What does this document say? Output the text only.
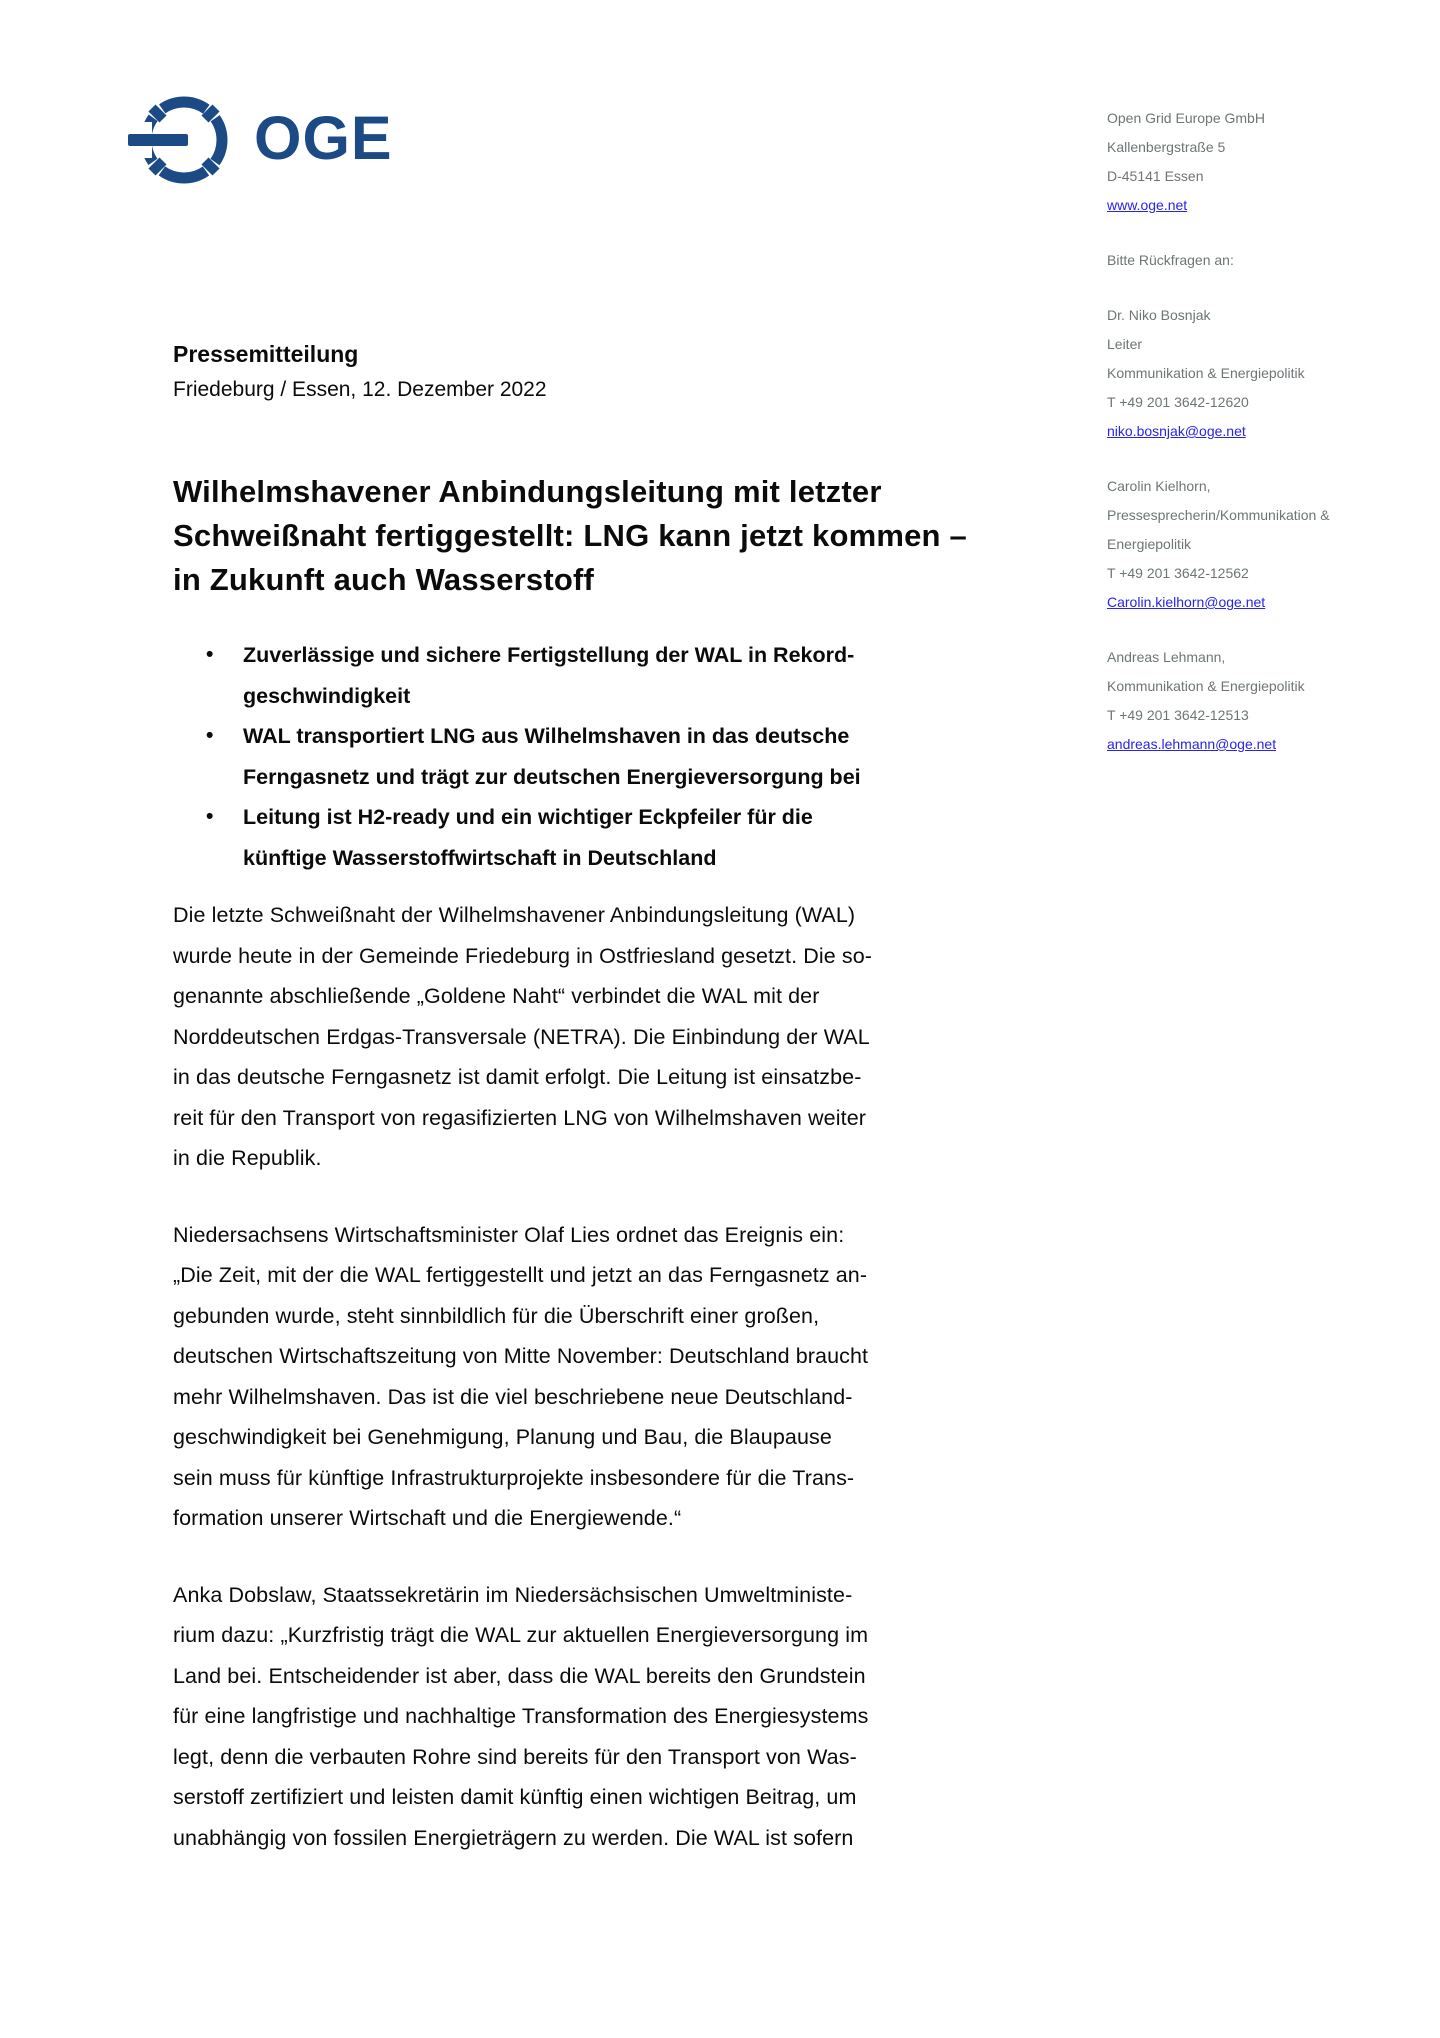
OGE	Open Grid Europe GmbH
Kallenbergstraße 5
D-45141 Essen
www.oge.net
Bitte Rückfragen an:
Dr. Niko Bosnjak
Leiter
Kommunikation & Energiepolitik
T +49 201 3642-12620
niko.bosnjak@oge.net
Carolin Kielhorn,
Pressesprecherin/Kommunikation &
Energiepolitik
T +49 201 3642-12562
Carolin.kielhorn@oge.net
Andreas Lehmann,
Kommunikation & Energiepolitik
T +49 201 3642-12513
andreas.lehmann@oge.net
Pressemitteilung
Friedeburg / Essen, 12. Dezember 2022
Wilhelmshavener Anbindungsleitung mit letzter
Schweißnaht fertiggestellt: LNG kann jetzt kommen –
in Zukunft auch Wasserstoff
• Zuverlässige und sichere Fertigstellung der WAL in Rekord-
geschwindigkeit
• WAL transportiert LNG aus Wilhelmshaven in das deutsche
Ferngasnetz und trägt zur deutschen Energieversorgung bei
• Leitung ist H2-ready und ein wichtiger Eckpfeiler für die
künftige Wasserstoffwirtschaft in Deutschland
Die letzte Schweißnaht der Wilhelmshavener Anbindungsleitung (WAL)
wurde heute in der Gemeinde Friedeburg in Ostfriesland gesetzt. Die so-
genannte abschließende „Goldene Naht“ verbindet die WAL mit der
Norddeutschen Erdgas-Transversale (NETRA). Die Einbindung der WAL
in das deutsche Ferngasnetz ist damit erfolgt. Die Leitung ist einsatzbe-
reit für den Transport von regasifizierten LNG von Wilhelmshaven weiter
in die Republik.
Niedersachsens Wirtschaftsminister Olaf Lies ordnet das Ereignis ein:
„Die Zeit, mit der die WAL fertiggestellt und jetzt an das Ferngasnetz an-
gebunden wurde, steht sinnbildlich für die Überschrift einer großen,
deutschen Wirtschaftszeitung von Mitte November: Deutschland braucht
mehr Wilhelmshaven. Das ist die viel beschriebene neue Deutschland-
geschwindigkeit bei Genehmigung, Planung und Bau, die Blaupause
sein muss für künftige Infrastrukturprojekte insbesondere für die Trans-
formation unserer Wirtschaft und die Energiewende.“
Anka Dobslaw, Staatssekretärin im Niedersächsischen Umweltministe-
rium dazu: „Kurzfristig trägt die WAL zur aktuellen Energieversorgung im
Land bei. Entscheidender ist aber, dass die WAL bereits den Grundstein
für eine langfristige und nachhaltige Transformation des Energiesystems
legt, denn die verbauten Rohre sind bereits für den Transport von Was-
serstoff zertifiziert und leisten damit künftig einen wichtigen Beitrag, um
unabhängig von fossilen Energieträgern zu werden. Die WAL ist sofern
